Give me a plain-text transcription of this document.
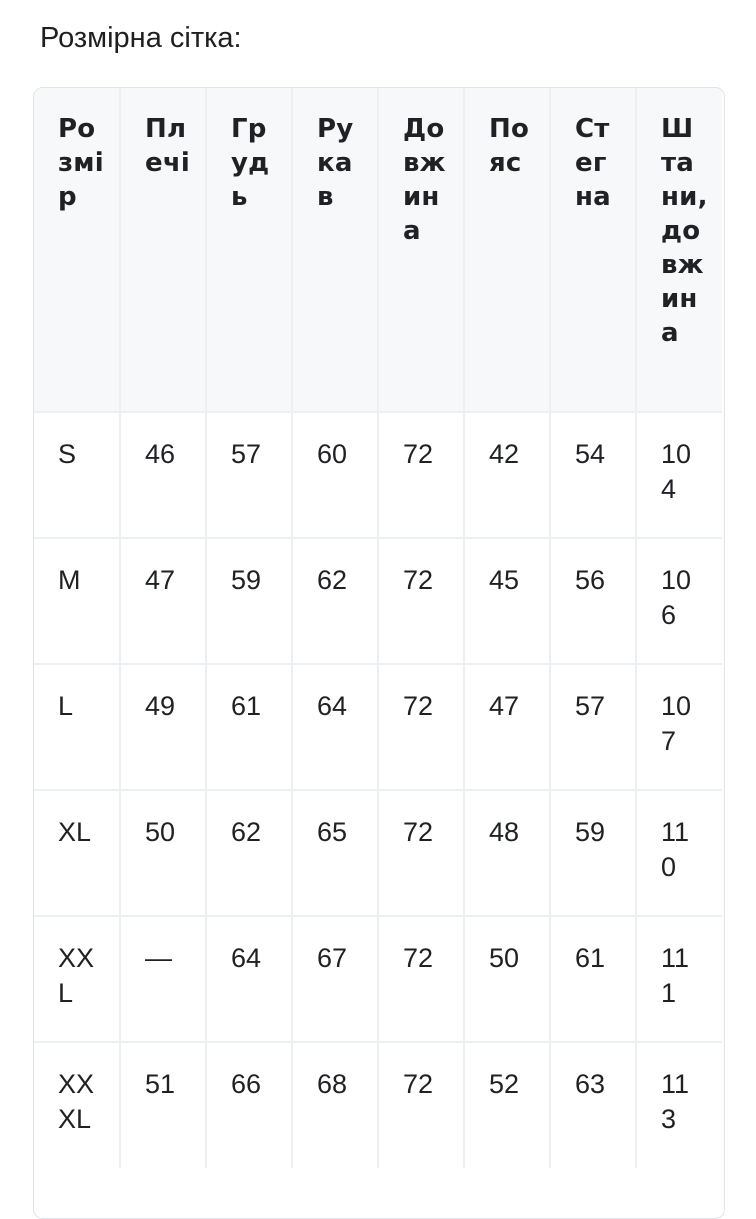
Розмірна сітка:
Розмір	Плечі	Грудь	Рукав	Довжина	Пояс	Стегна	Штани, довжина
S	46	57	60	72	42	54	104
M	47	59	62	72	45	56	106
L	49	61	64	72	47	57	107
XL	50	62	65	72	48	59	110
XXL	—	64	67	72	50	61	111
XXXL	51	66	68	72	52	63	113
